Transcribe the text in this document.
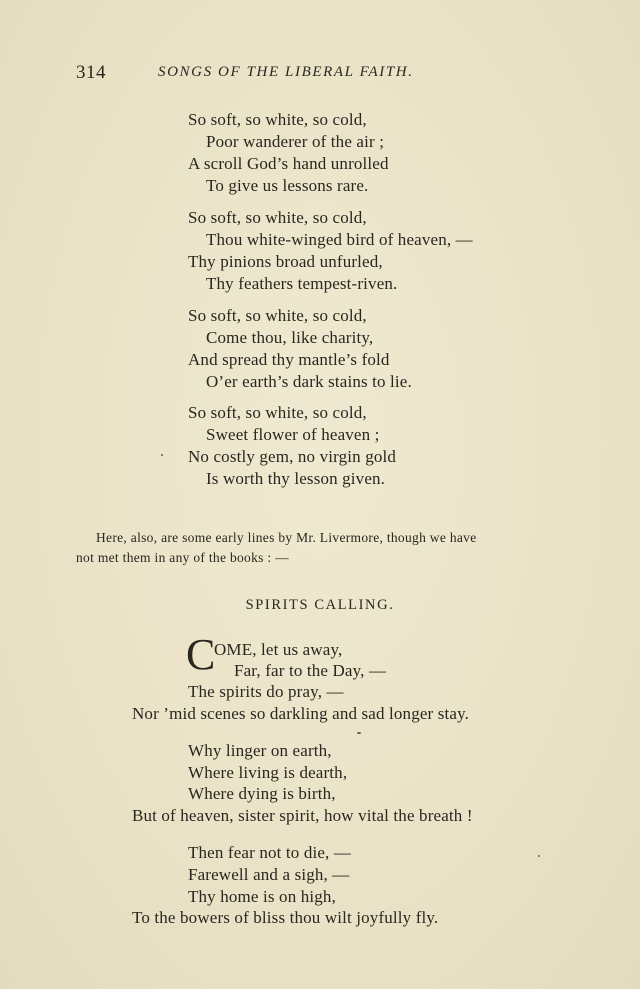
314	SONGS OF THE LIBERAL FAITH.
So soft, so white, so cold,
Poor wanderer of the air ;
A scroll God’s hand unrolled
To give us lessons rare.
So soft, so white, so cold,
Thou white-winged bird of heaven, —
Thy pinions broad unfurled,
Thy feathers tempest-riven.
So soft, so white, so cold,
Come thou, like charity,
And spread thy mantle’s fold
O’er earth’s dark stains to lie.
So soft, so white, so cold,
Sweet flower of heaven ;
No costly gem, no virgin gold
Is worth thy lesson given.
Here, also, are some early lines by Mr. Livermore, though we have
not met them in any of the books : —
SPIRITS CALLING.
C
OME, let us away,
Far, far to the Day, —
The spirits do pray, —
Nor ’mid scenes so darkling and sad longer stay.
Why linger on earth,
Where living is dearth,
Where dying is birth,
But of heaven, sister spirit, how vital the breath !
Then fear not to die, —
Farewell and a sigh, —
Thy home is on high,
To the bowers of bliss thou wilt joyfully fly.
